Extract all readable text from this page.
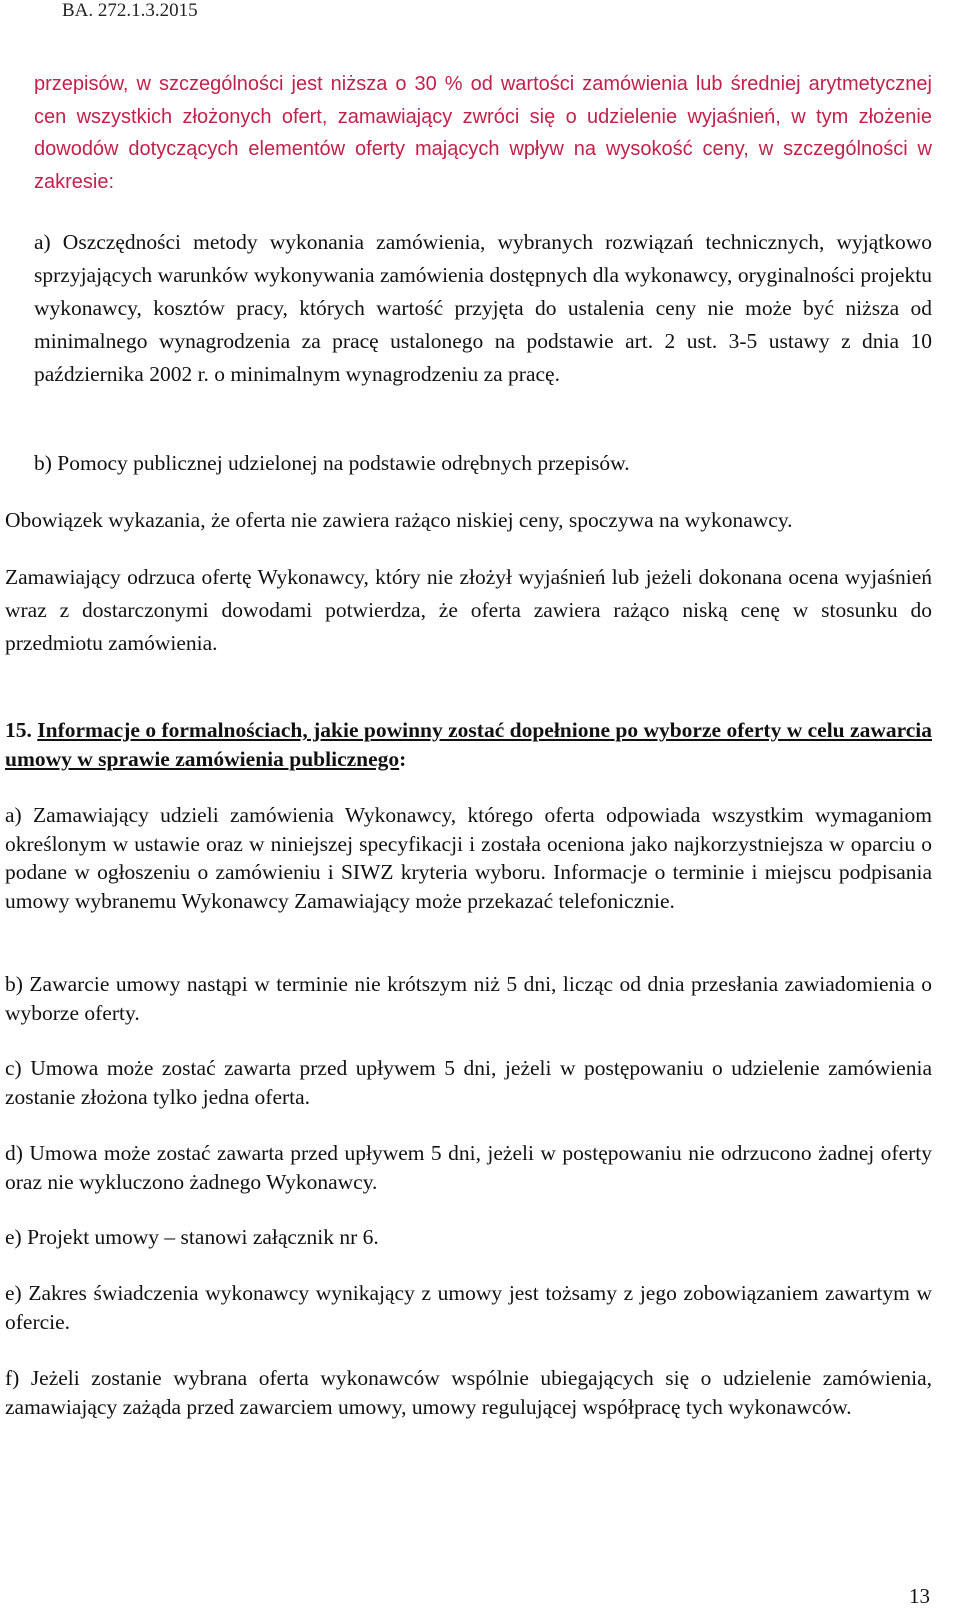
BA. 272.1.3.2015

przepisów, w szczególności jest niższa o 30 % od wartości zamówienia lub średniej arytmetycznej cen wszystkich złożonych ofert, zamawiający zwróci się o udzielenie wyjaśnień, w tym złożenie dowodów dotyczących elementów oferty mających wpływ na wysokość ceny, w szczególności w zakresie:

a) Oszczędności metody wykonania zamówienia, wybranych rozwiązań technicznych, wyjątkowo sprzyjających warunków wykonywania zamówienia dostępnych dla wykonawcy, oryginalności projektu wykonawcy, kosztów pracy, których wartość przyjęta do ustalenia ceny nie może być niższa od minimalnego wynagrodzenia za pracę ustalonego na podstawie art. 2 ust. 3-5 ustawy z dnia 10 października 2002 r. o minimalnym wynagrodzeniu za pracę.

b) Pomocy publicznej udzielonej na podstawie odrębnych przepisów.

Obowiązek wykazania, że oferta nie zawiera rażąco niskiej ceny, spoczywa na wykonawcy.

Zamawiający odrzuca ofertę Wykonawcy, który nie złożył wyjaśnień lub jeżeli dokonana ocena wyjaśnień wraz z dostarczonymi dowodami potwierdza, że oferta zawiera rażąco niską cenę w stosunku do przedmiotu zamówienia.

15. Informacje o formalnościach, jakie powinny zostać dopełnione po wyborze oferty w celu zawarcia umowy w sprawie zamówienia publicznego:

a) Zamawiający udzieli zamówienia Wykonawcy, którego oferta odpowiada wszystkim wymaganiom określonym w ustawie oraz w niniejszej specyfikacji i została oceniona jako najkorzystniejsza w oparciu o podane w ogłoszeniu o zamówieniu i SIWZ kryteria wyboru. Informacje o terminie i miejscu podpisania umowy wybranemu Wykonawcy Zamawiający może przekazać telefonicznie.

b) Zawarcie umowy nastąpi w terminie nie krótszym niż 5 dni, licząc od dnia przesłania zawiadomienia o wyborze oferty.

c) Umowa może zostać zawarta przed upływem 5 dni, jeżeli w postępowaniu o udzielenie zamówienia zostanie złożona tylko jedna oferta.

d) Umowa może zostać zawarta przed upływem 5 dni, jeżeli w postępowaniu nie odrzucono żadnej oferty oraz nie wykluczono żadnego Wykonawcy.

e) Projekt umowy – stanowi załącznik nr 6.

e) Zakres świadczenia wykonawcy wynikający z umowy jest tożsamy z jego zobowiązaniem zawartym w ofercie.

f) Jeżeli zostanie wybrana oferta wykonawców wspólnie ubiegających się o udzielenie zamówienia, zamawiający zażąda przed zawarciem umowy, umowy regulującej współpracę tych wykonawców.

13
